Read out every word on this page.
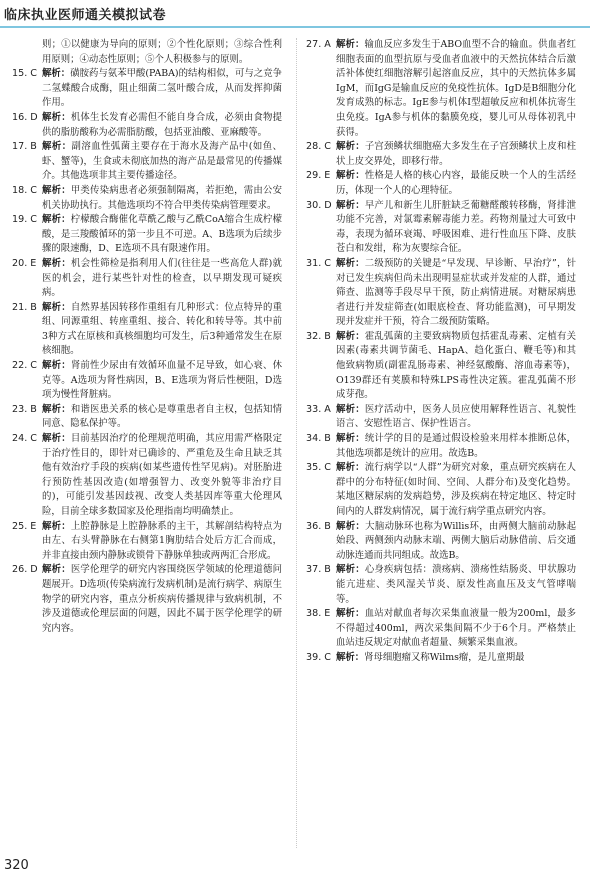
临床执业医师通关模拟试卷
则；①以健康为导向的原则；②个性化原则；③综合性利用原则；④动态性原则；⑤个人积极参与的原则。
15. C 解析：磺胺药与氨苯甲酸(PABA)的结构相似，可与之竞争二氢蝶酸合成酶，阻止细菌二氢叶酸合成，从而发挥抑菌作用。
16. D 解析：机体生长发育必需但不能自身合成，必须由食物提供的脂肪酸称为必需脂肪酸，包括亚油酸、亚麻酸等。
17. B 解析：副溶血性弧菌主要存在于海水及海产品中(如鱼、虾、蟹等)，生食或未彻底加热的海产品是最常见的传播媒介。其他选项非其主要传播途径。
18. C 解析：甲类传染病患者必须强制隔离，若拒绝，需由公安机关协助执行。其他选项均不符合甲类传染病管理要求。
19. C 解析：柠檬酸合酶催化草酰乙酸与乙酰CoA缩合生成柠檬酸，是三羧酸循环的第一步且不可逆。A、B选项为后续步骤的限速酶，D、E选项不具有限速作用。
20. E 解析：机会性筛检是指利用人们(往往是一些高危人群)就医的机会，进行某些针对性的检查，以早期发现可疑疾病。
21. B 解析：自然界基因转移作重组有几种形式：位点特异的重组、同源重组、转座重组、接合、转化和转导等。其中前3种方式在原核和真核细胞均可发生，后3种通常发生在原核细胞。
22. C 解析：肾前性少尿由有效循环血量不足导致，如心衰、休克等。A选项为肾性病因，B、E选项为肾后性梗阻，D选项为慢性肾脏病。
23. B 解析：和谐医患关系的核心是尊重患者自主权，包括知情同意、隐私保护等。
24. C 解析：目前基因治疗的伦理规范明确，其应用需严格限定于治疗性目的，即针对已确诊的、严重危及生命且缺乏其他有效治疗手段的疾病(如某些遗传性罕见病)。对胚胎进行预防性基因改造(如增强智力、改变外貌等非治疗目的)，可能引发基因歧视、改变人类基因库等重大伦理风险，目前全球多数国家及伦理指南均明确禁止。
25. E 解析：上腔静脉是上腔静脉系的主干，其解剖结构特点为由左、右头臂静脉在右侧第1胸肋结合处后方汇合而成，并非直接由颈内静脉或锁骨下静脉单独或两两汇合形成。
26. D 解析：医学伦理学的研究内容围绕医学领域的伦理道德问题展开。D选项(传染病流行发病机制)是流行病学、病原生物学的研究内容，重点分析疾病传播规律与致病机制，不涉及道德或伦理层面的问题，因此不属于医学伦理学的研究内容。
27. A 解析：输血反应多发生于ABO血型不合的输血。供血者红细胞表面的血型抗原与受血者血液中的天然抗体结合后激活补体使红细胞溶解引起溶血反应，其中的天然抗体多属IgM，而IgG是输血反应的免疫性抗体。IgD是B细胞分化发育成熟的标志。IgE参与机体I型超敏反应和机体抗寄生虫免疫。IgA参与机体的黏膜免疫，婴儿可从母体初乳中获得。
28. C 解析：子宫颈鳞状细胞癌大多发生在子宫颈鳞状上皮和柱状上皮交界处，即移行带。
29. E 解析：性格是人格的核心内容，最能反映一个人的生活经历，体现一个人的心理特征。
30. D 解析：早产儿和新生儿肝脏缺乏葡糖醛酸转移酶，肾排泄功能不完善，对氯霉素解毒能力差。药物剂量过大可致中毒，表现为循环衰竭、呼吸困难、进行性血压下降、皮肤苍白和发绀，称为灰婴综合征。
31. C 解析：二级预防的关键是“早发现、早诊断、早治疗”，针对已发生疾病但尚未出现明显症状或并发症的人群，通过筛查、监测等手段尽早干预，防止病情进展。对糖尿病患者进行并发症筛查(如眼底检查、肾功能监测)，可早期发现并发症并干预，符合二级预防策略。
32. B 解析：霍乱弧菌的主要致病物质包括霍乱毒素、定植有关因素(毒素共调节菌毛、HapA、趋化蛋白、鞭毛等)和其他致病物质(副霍乱肠毒素、神经氨酸酶、溶血毒素等)，O139群还有荚膜和特殊LPS毒性决定簇。霍乱弧菌不形成芽孢。
33. A 解析：医疗活动中，医务人员应使用解释性语言、礼貌性语言、安慰性语言、保护性语言。
34. B 解析：统计学的目的是通过假设检验来用样本推断总体，其他选项都是统计的应用。故选B。
35. C 解析：流行病学以“人群”为研究对象，重点研究疾病在人群中的分布特征(如时间、空间、人群分布)及变化趋势。某地区糖尿病的发病趋势，涉及疾病在特定地区、特定时间内的人群发病情况，属于流行病学重点研究内容。
36. B 解析：大脑动脉环也称为Willis环，由两侧大脑前动脉起始段、两侧颈内动脉末端、两侧大脑后动脉借前、后交通动脉连通而共同组成。故选B。
37. B 解析：心身疾病包括：溃疡病、溃疡性结肠炎、甲状腺功能亢进症、类风湿关节炎、原发性高血压及支气管哮喘等。
38. E 解析：血站对献血者每次采集血液量一般为200ml，最多不得超过400ml，两次采集间隔不少于6个月。严格禁止血站违反规定对献血者超量、频繁采集血液。
39. C 解析：肾母细胞瘤又称Wilms瘤，是儿童期最
320
